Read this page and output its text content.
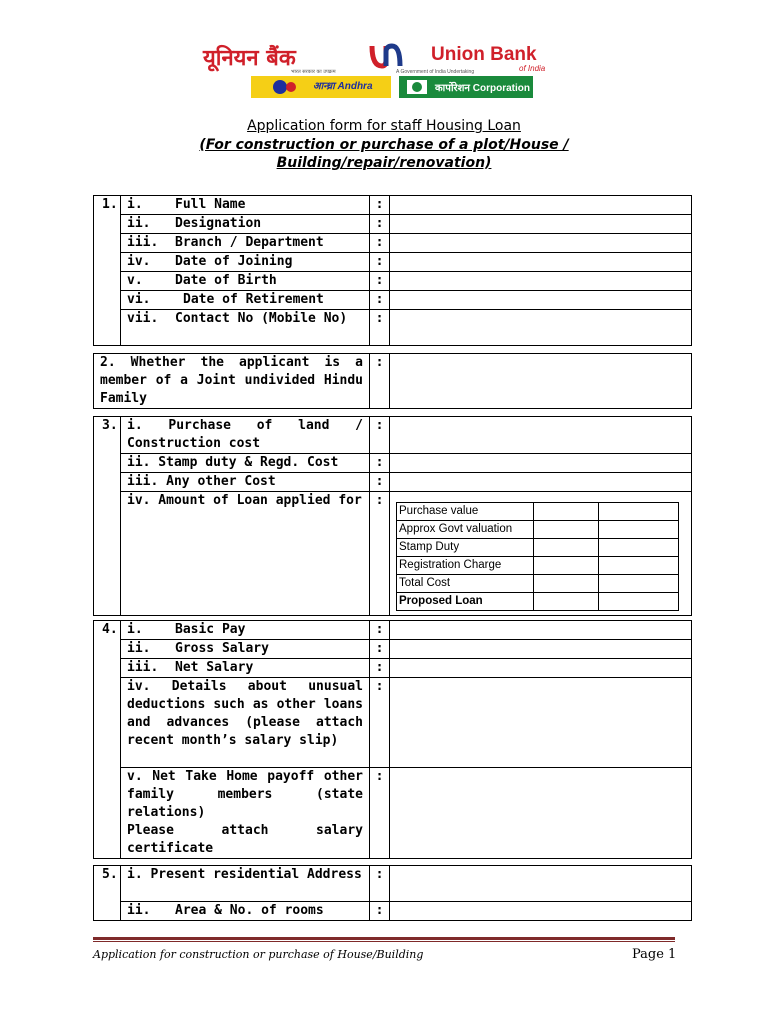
यूनियन बैंक	Union Bank
of India
भारत सरकार का उपक्रम	A Government of India Undertaking
आन्ध्रा Andhra	कार्पोरेशन Corporation
Application form for staff Housing Loan
(For construction or purchase of a plot/House /
Building/repair/renovation)
1.	i. Full Name	:	
	ii. Designation	:	
	iii. Branch / Department	:	
	iv. Date of Joining	:	
	v. Date of Birth	:	
	vi. Date of Retirement	:	
	vii. Contact No (Mobile No)	:	
2. Whether the applicant is a member of a Joint undivided Hindu Family	:	
3.	i. Purchase of land / Construction cost	:	
ii. Stamp duty & Regd. Cost	:	
iii. Any other Cost	:	
iv. Amount of Loan applied for	:	
Purchase value		
Approx Govt valuation		
Stamp Duty		
Registration Charge		
Total Cost		
Proposed Loan		
4.	i. Basic Pay	:	
	ii. Gross Salary	:	
	iii. Net Salary	:	
	iv. Details about unusual deductions such as other loans and advances (please attach recent month’s salary slip)	:	

	v. Net Take Home payoff other family members (state relations)
Please attach salary certificate	:	
5.	i. Present residential Address	:	
	ii. Area & No. of rooms	:	
Application for construction or purchase of House/Building	Page 1
